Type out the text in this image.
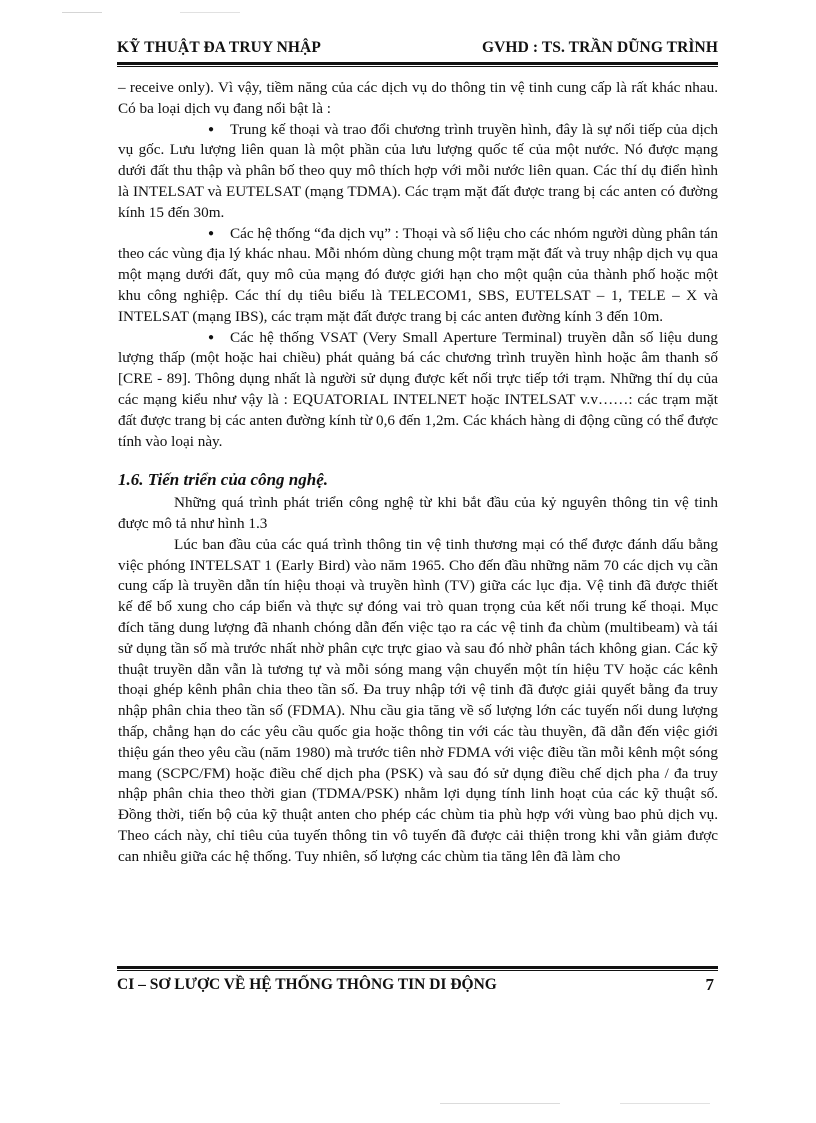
KỸ THUẬT ĐA TRUY NHẬP	GVHD : TS. TRẦN DŨNG TRÌNH

– receive only). Vì vậy, tiềm năng của các dịch vụ do thông tin vệ tinh cung cấp là rất khác nhau. Có ba loại dịch vụ đang nổi bật là :

● Trung kế thoại và trao đổi chương trình truyền hình, đây là sự nối tiếp của dịch vụ gốc. Lưu lượng liên quan là một phần của lưu lượng quốc tế của một nước. Nó được mạng dưới đất thu thập và phân bố theo quy mô thích hợp với mỗi nước liên quan. Các thí dụ điển hình là INTELSAT và EUTELSAT (mạng TDMA). Các trạm mặt đất được trang bị các anten có đường kính 15 đến 30m.

● Các hệ thống “đa dịch vụ” : Thoại và số liệu cho các nhóm người dùng phân tán theo các vùng địa lý khác nhau. Mỗi nhóm dùng chung một trạm mặt đất và truy nhập dịch vụ qua một mạng dưới đất, quy mô của mạng đó được giới hạn cho một quận của thành phố hoặc một khu công nghiệp. Các thí dụ tiêu biểu là TELECOM1, SBS, EUTELSAT – 1, TELE – X và INTELSAT (mạng IBS), các trạm mặt đất được trang bị các anten đường kính 3 đến 10m.

● Các hệ thống VSAT (Very Small Aperture Terminal) truyền dẫn số liệu dung lượng thấp (một hoặc hai chiều) phát quảng bá các chương trình truyền hình hoặc âm thanh số [CRE - 89]. Thông dụng nhất là người sử dụng được kết nối trực tiếp tới trạm. Những thí dụ của các mạng kiểu như vậy là : EQUATORIAL INTELNET hoặc INTELSAT v.v……: các trạm mặt đất được trang bị các anten đường kính từ 0,6 đến 1,2m. Các khách hàng di động cũng có thể được tính vào loại này.

1.6. Tiến triển của công nghệ.

Những quá trình phát triển công nghệ từ khi bắt đầu của kỷ nguyên thông tin vệ tinh được mô tả như hình 1.3

Lúc ban đầu của các quá trình thông tin vệ tinh thương mại có thể được đánh dấu bằng việc phóng INTELSAT 1 (Early Bird) vào năm 1965. Cho đến đầu những năm 70 các dịch vụ cần cung cấp là truyền dẫn tín hiệu thoại và truyền hình (TV) giữa các lục địa. Vệ tinh đã được thiết kế để bổ xung cho cáp biển và thực sự đóng vai trò quan trọng của kết nối trung kế thoại. Mục đích tăng dung lượng đã nhanh chóng dẫn đến việc tạo ra các vệ tinh đa chùm (multibeam) và tái sử dụng tần số mà trước nhất nhờ phân cực trực giao và sau đó nhờ phân tách không gian. Các kỹ thuật truyền dẫn vẫn là tương tự và mỗi sóng mang vận chuyển một tín hiệu TV hoặc các kênh thoại ghép kênh phân chia theo tần số. Đa truy nhập tới vệ tinh đã được giải quyết bằng đa truy nhập phân chia theo tần số (FDMA). Nhu cầu gia tăng về số lượng lớn các tuyến nối dung lượng thấp, chẳng hạn do các yêu cầu quốc gia hoặc thông tin với các tàu thuyền, đã dẫn đến việc giới thiệu gán theo yêu cầu (năm 1980) mà trước tiên nhờ FDMA với việc điều tần mỗi kênh một sóng mang (SCPC/FM) hoặc điều chế dịch pha (PSK) và sau đó sử dụng điều chế dịch pha / đa truy nhập phân chia theo thời gian (TDMA/PSK) nhằm lợi dụng tính linh hoạt của các kỹ thuật số. Đồng thời, tiến bộ của kỹ thuật anten cho phép các chùm tia phù hợp với vùng bao phủ dịch vụ. Theo cách này, chỉ tiêu của tuyến thông tin vô tuyến đã được cải thiện trong khi vẫn giảm được can nhiễu giữa các hệ thống. Tuy nhiên, số lượng các chùm tia tăng lên đã làm cho

CI – SƠ LƯỢC VỀ HỆ THỐNG THÔNG TIN DI ĐỘNG	7
